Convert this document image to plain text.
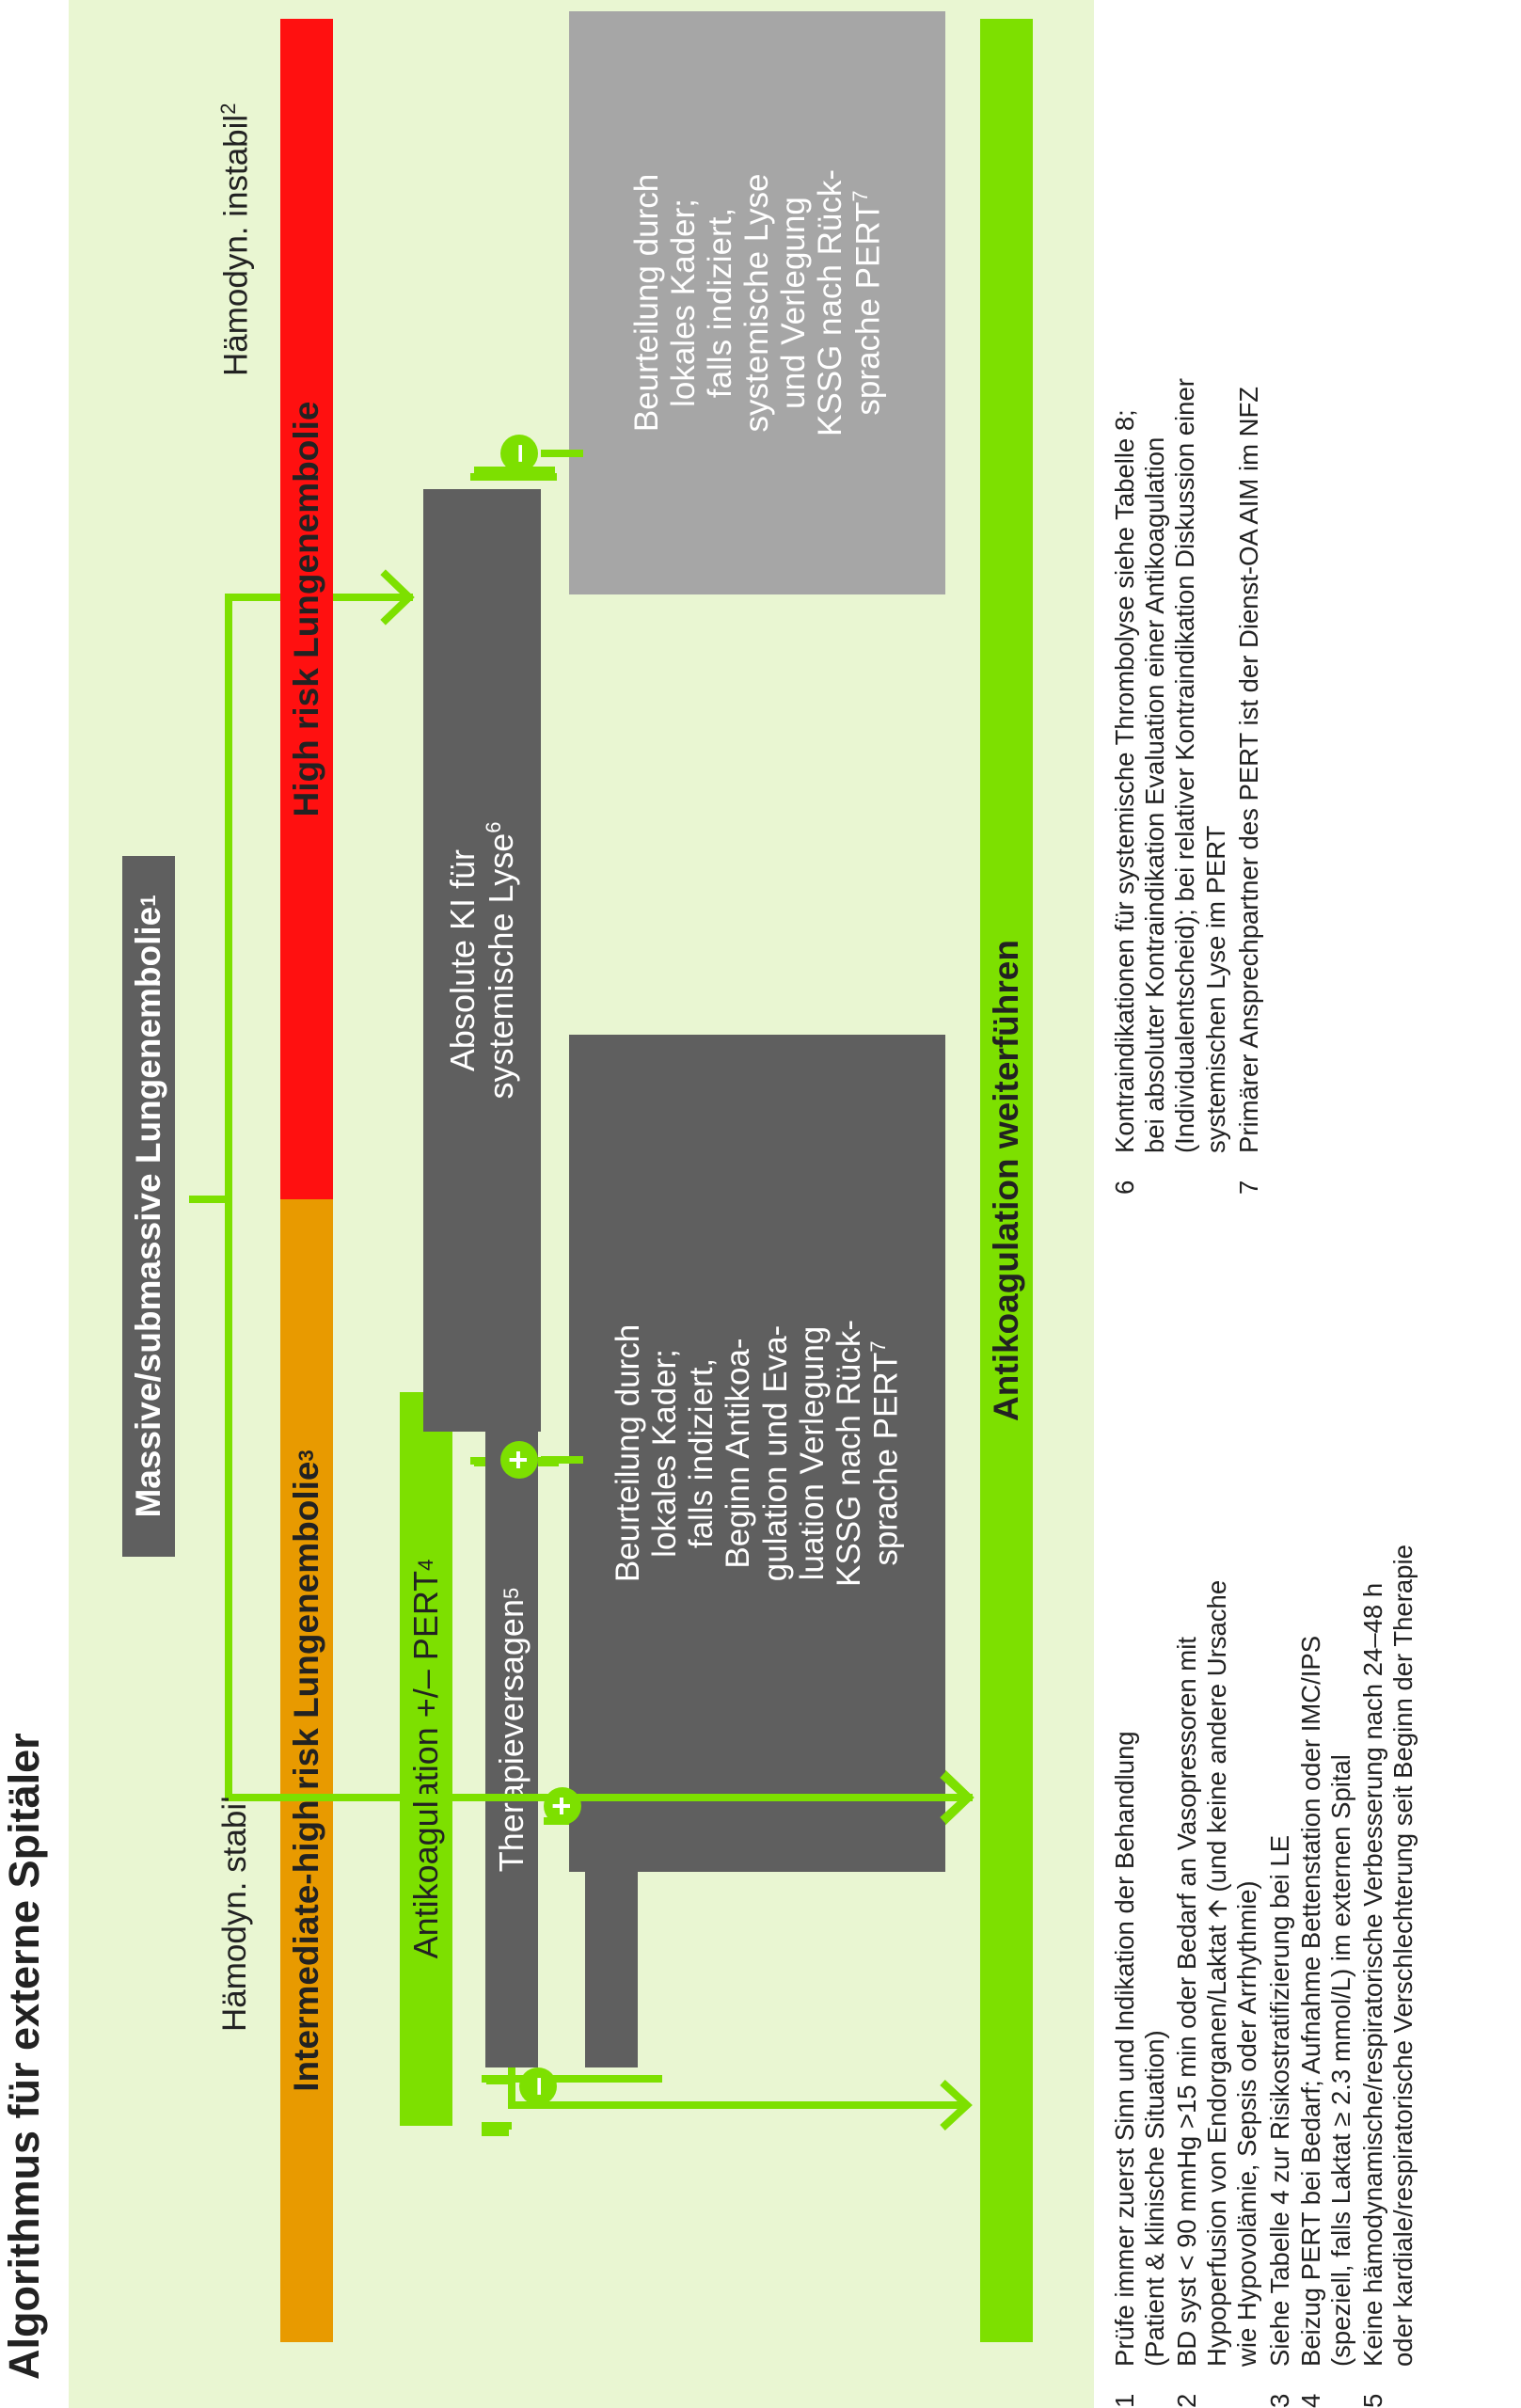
Algorithmus für externe Spitäler
Massive/submassive Lungenembolie
1
Hämodyn. stabil
Hämodyn. instabil$^2$
Intermediate-high risk Lungenembolie
3
High risk Lungenembolie
Antikoagulation +/– PERT
4
Therapieversagen
5
Absolute KI für systemische Lyse$^6$
Beurteilung durch lokales Kader; falls indiziert, Beginn Antikoa- gulation und Eva- luation Verlegung KSSG nach Rück- sprache PERT$^7$
Beurteilung durch lokales Kader; falls indiziert, systemische Lyse und Verlegung KSSG nach Rück- sprache PERT$^7$
Antikoagulation weiterführen
+
–
+
–
1
Prüfe immer zuerst Sinn und Indikation der Behandlung (Patient & klinische Situation)
2
BD syst < 90 mmHg >15 min oder Bedarf an Vasopressoren mit Hypoperfusion von Endorganen/Laktat 🡩 (und keine andere Ursache wie Hypovolämie, Sepsis oder Arrhythmie)
3
Siehe Tabelle 4 zur Risikostratifizierung bei LE
4
Beizug PERT bei Bedarf; Aufnahme Bettenstation oder IMC/IPS (speziell, falls Laktat ≥ 2.3 mmol/L) im externen Spital
5
Keine hämodynamische/respiratorische Verbesserung nach 24–48 h oder kardiale/respiratorische Verschlechterung seit Beginn der Therapie
6
Kontraindikationen für systemische Thrombolyse siehe Tabelle 8; bei absoluter Kontraindikation Evaluation einer Antikoagulation (Individualentscheid); bei relativer Kontraindikation Diskussion einer systemischen Lyse im PERT
7
Primärer Ansprechpartner des PERT ist der Dienst-OA AIM im NFZ
